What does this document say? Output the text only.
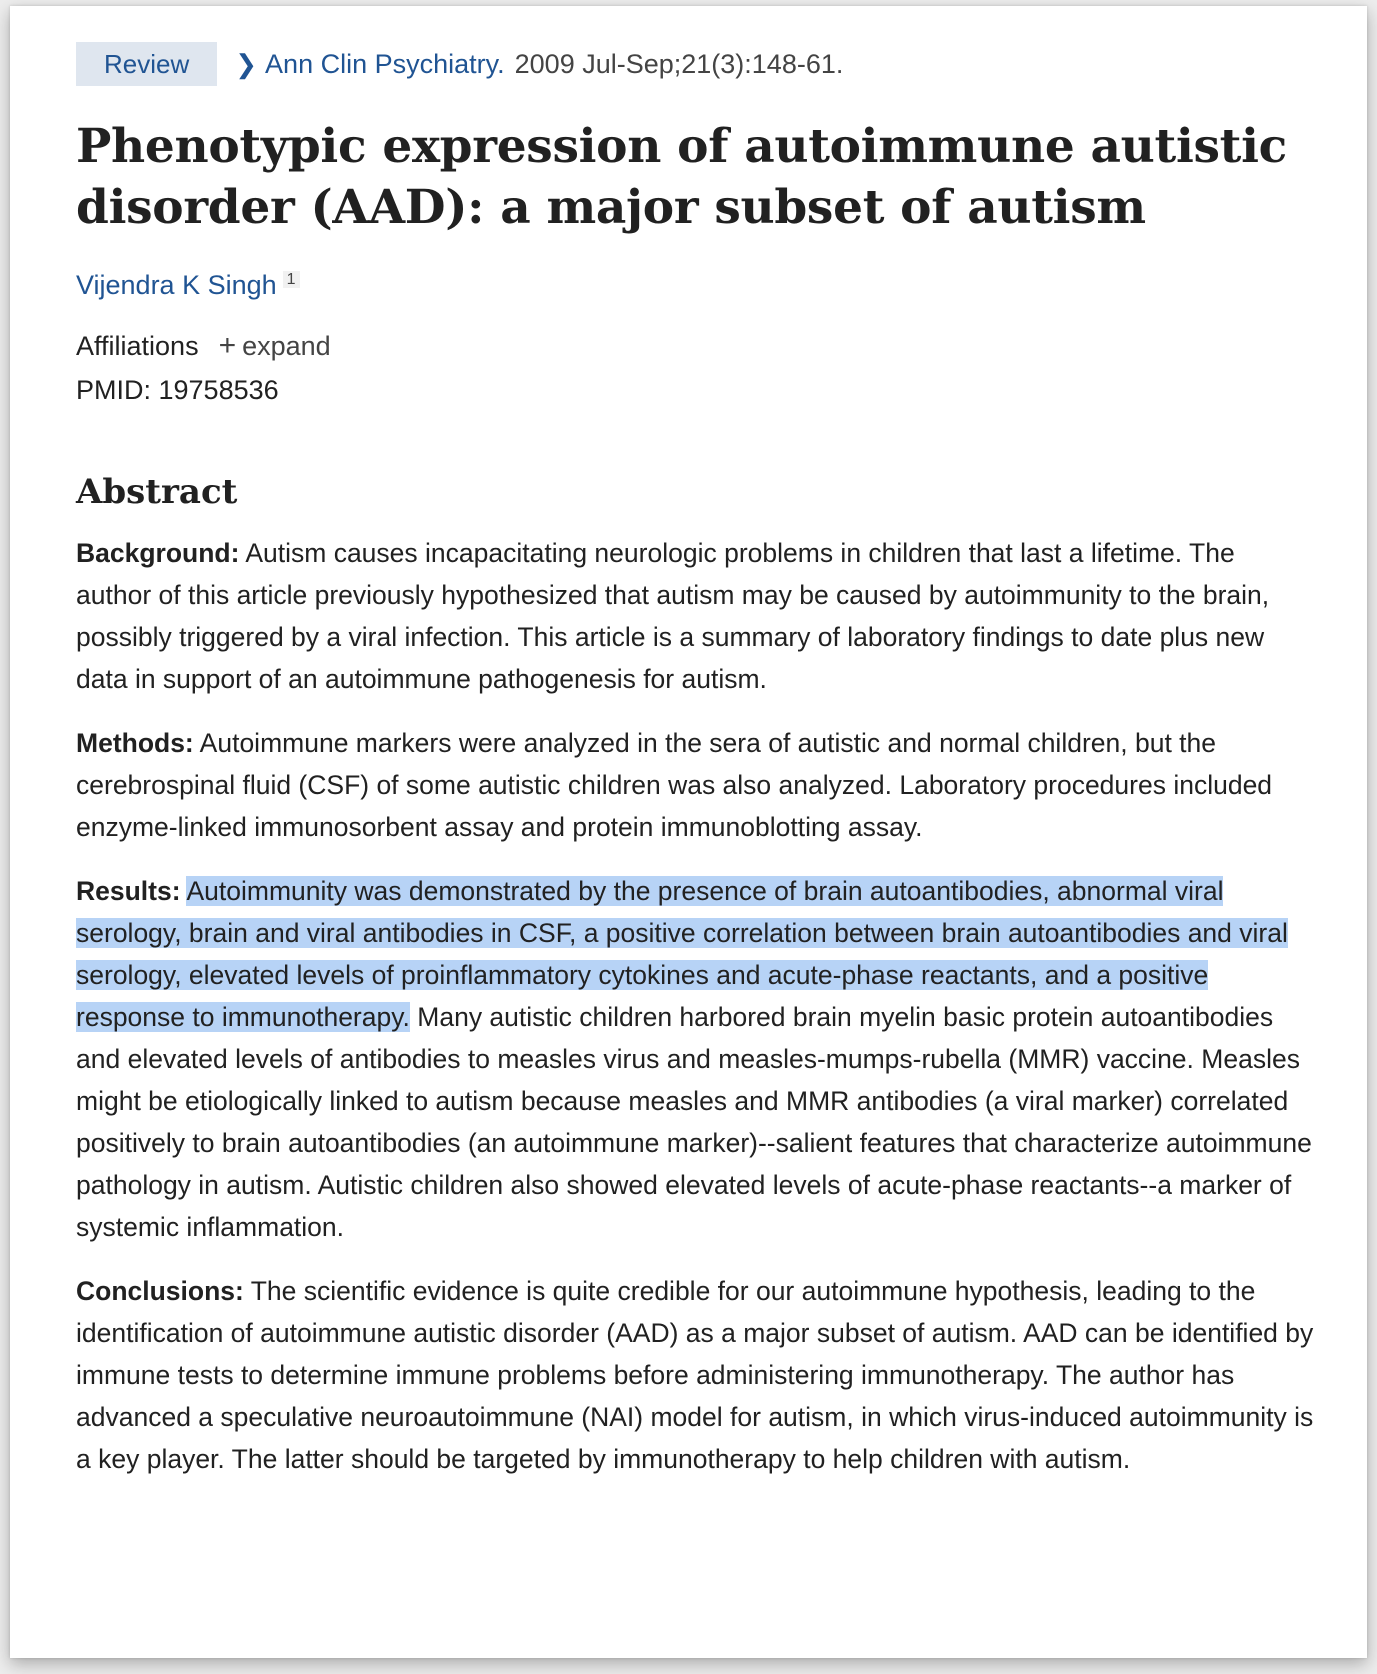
Review	❯ Ann Clin Psychiatry. 2009 Jul-Sep;21(3):148-61.
Phenotypic expression of autoimmune autistic disorder (AAD): a major subset of autism
Vijendra K Singh $^1$
Affiliations + expand
PMID: 19758536
Abstract

Background: Autism causes incapacitating neurologic problems in children that last a lifetime. The author of this article previously hypothesized that autism may be caused by autoimmunity to the brain, possibly triggered by a viral infection. This article is a summary of laboratory findings to date plus new data in support of an autoimmune pathogenesis for autism.

Methods: Autoimmune markers were analyzed in the sera of autistic and normal children, but the cerebrospinal fluid (CSF) of some autistic children was also analyzed. Laboratory procedures included enzyme-linked immunosorbent assay and protein immunoblotting assay.

Results: Autoimmunity was demonstrated by the presence of brain autoantibodies, abnormal viral serology, brain and viral antibodies in CSF, a positive correlation between brain autoantibodies and viral serology, elevated levels of proinflammatory cytokines and acute-phase reactants, and a positive response to immunotherapy. Many autistic children harbored brain myelin basic protein autoantibodies and elevated levels of antibodies to measles virus and measles-mumps-rubella (MMR) vaccine. Measles might be etiologically linked to autism because measles and MMR antibodies (a viral marker) correlated positively to brain autoantibodies (an autoimmune marker)--salient features that characterize autoimmune pathology in autism. Autistic children also showed elevated levels of acute-phase reactants--a marker of systemic inflammation.

Conclusions: The scientific evidence is quite credible for our autoimmune hypothesis, leading to the identification of autoimmune autistic disorder (AAD) as a major subset of autism. AAD can be identified by immune tests to determine immune problems before administering immunotherapy. The author has advanced a speculative neuroautoimmune (NAI) model for autism, in which virus-induced autoimmunity is a key player. The latter should be targeted by immunotherapy to help children with autism.
